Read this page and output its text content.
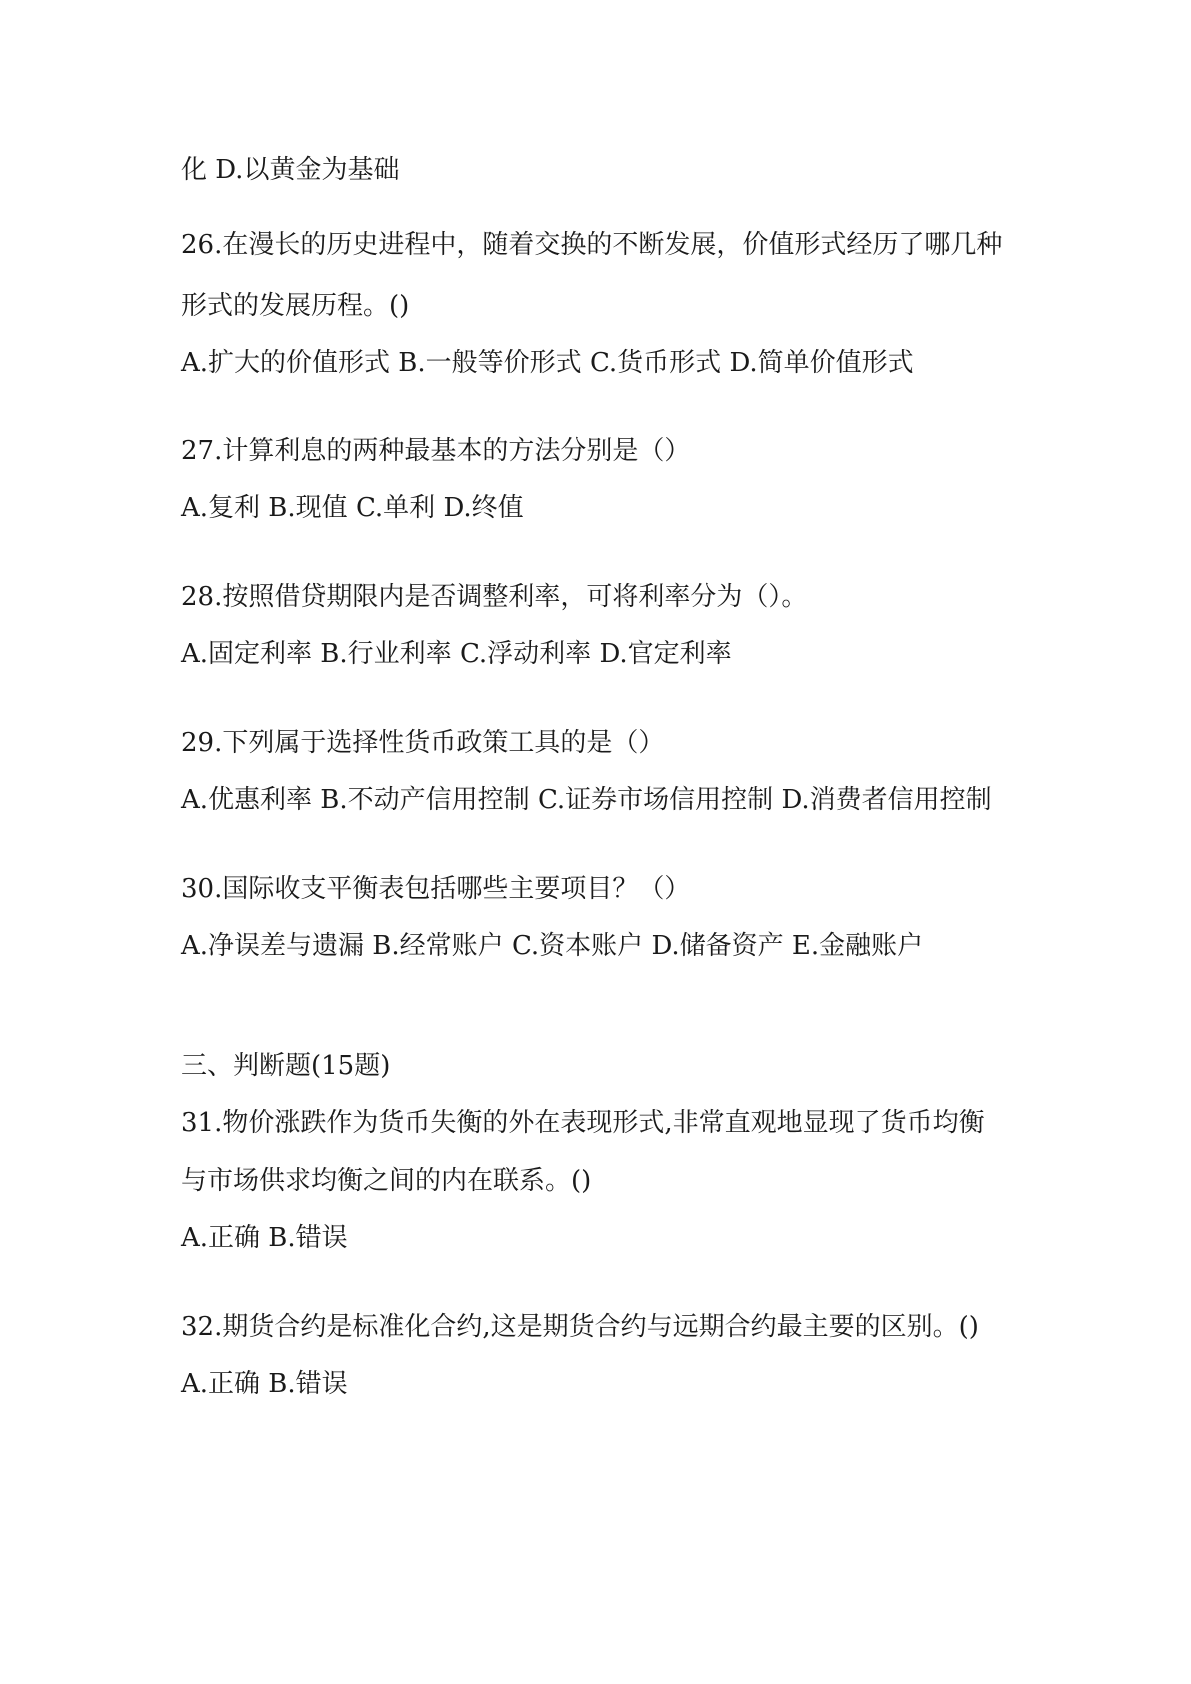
化 D.以黄金为基础
26.在漫长的历史进程中，随着交换的不断发展，价值形式经历了哪几种
形式的发展历程。()
A.扩大的价值形式 B.一般等价形式 C.货币形式 D.简单价值形式
27.计算利息的两种最基本的方法分别是（）
A.复利 B.现值 C.单利 D.终值
28.按照借贷期限内是否调整利率，可将利率分为（）。
A.固定利率 B.行业利率 C.浮动利率 D.官定利率
29.下列属于选择性货币政策工具的是（）
A.优惠利率 B.不动产信用控制 C.证券市场信用控制 D.消费者信用控制
30.国际收支平衡表包括哪些主要项目？（）
A.净误差与遗漏 B.经常账户 C.资本账户 D.储备资产 E.金融账户
三、判断题(15题)
31.物价涨跌作为货币失衡的外在表现形式,非常直观地显现了货币均衡
与市场供求均衡之间的内在联系。()
A.正确 B.错误
32.期货合约是标准化合约,这是期货合约与远期合约最主要的区别。()
A.正确 B.错误
